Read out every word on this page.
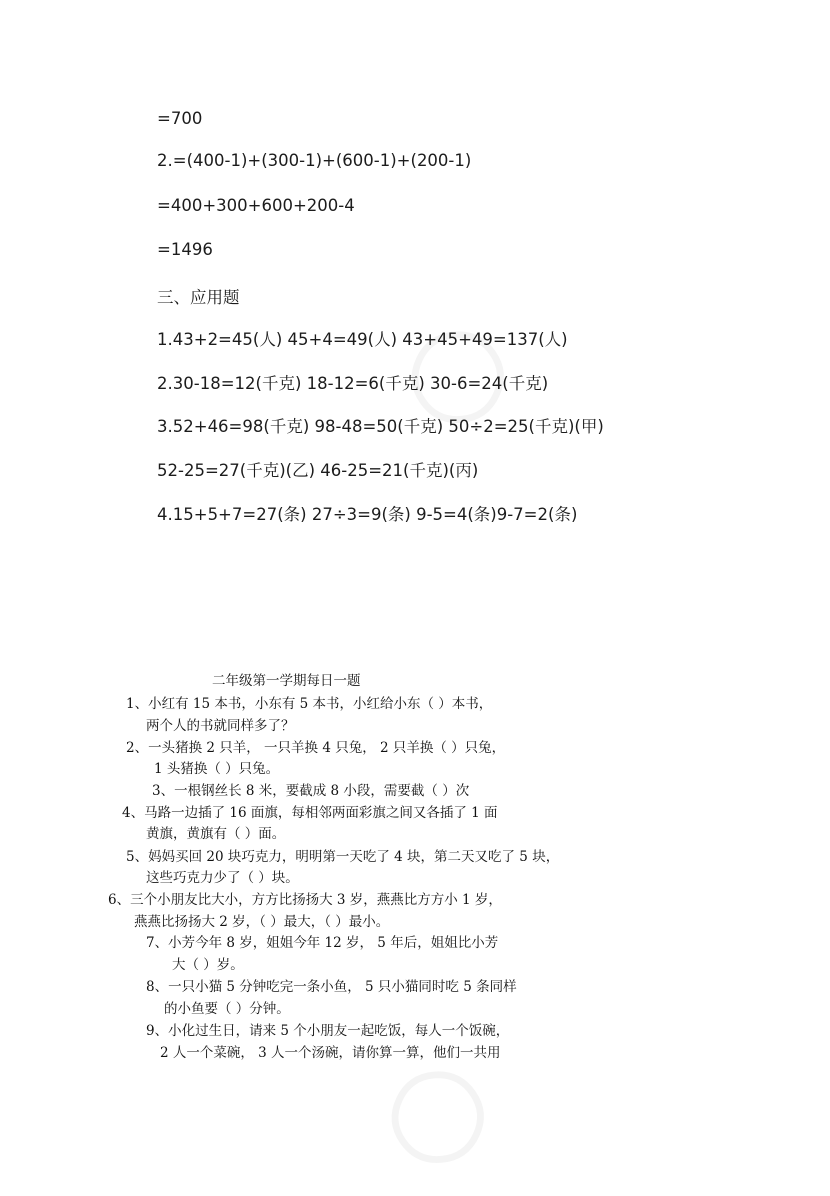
=700
2.=(400-1)+(300-1)+(600-1)+(200-1)
=400+300+600+200-4
=1496
三、应用题
1.43+2=45(人) 45+4=49(人) 43+45+49=137(人)
2.30-18=12(千克) 18-12=6(千克) 30-6=24(千克)
3.52+46=98(千克) 98-48=50(千克) 50÷2=25(千克)(甲)
52-25=27(千克)(乙) 46-25=21(千克)(丙)
4.15+5+7=27(条) 27÷3=9(条) 9-5=4(条)9-7=2(条)
二年级第一学期每日一题
1、小红有 15 本书，小东有 5 本书，小红给小东（ ）本书，
两个人的书就同样多了？
2、一头猪换 2 只羊， 一只羊换 4 只兔， 2 只羊换（ ）只兔，
1 头猪换（ ）只兔。
3、一根钢丝长 8 米，要截成 8 小段，需要截（ ）次
4、马路一边插了 16 面旗，每相邻两面彩旗之间又各插了 1 面
黄旗，黄旗有（ ）面。
5、妈妈买回 20 块巧克力，明明第一天吃了 4 块，第二天又吃了 5 块，
这些巧克力少了（ ）块。
6、三个小朋友比大小，方方比扬扬大 3 岁，燕燕比方方小 1 岁，
燕燕比扬扬大 2 岁，（ ）最大，（ ）最小。
7、小芳今年 8 岁，姐姐今年 12 岁， 5 年后，姐姐比小芳
大（ ）岁。
8、一只小猫 5 分钟吃完一条小鱼， 5 只小猫同时吃 5 条同样
的小鱼要（ ）分钟。
9、小化过生日，请来 5 个小朋友一起吃饭，每人一个饭碗，
2 人一个菜碗， 3 人一个汤碗，请你算一算，他们一共用
